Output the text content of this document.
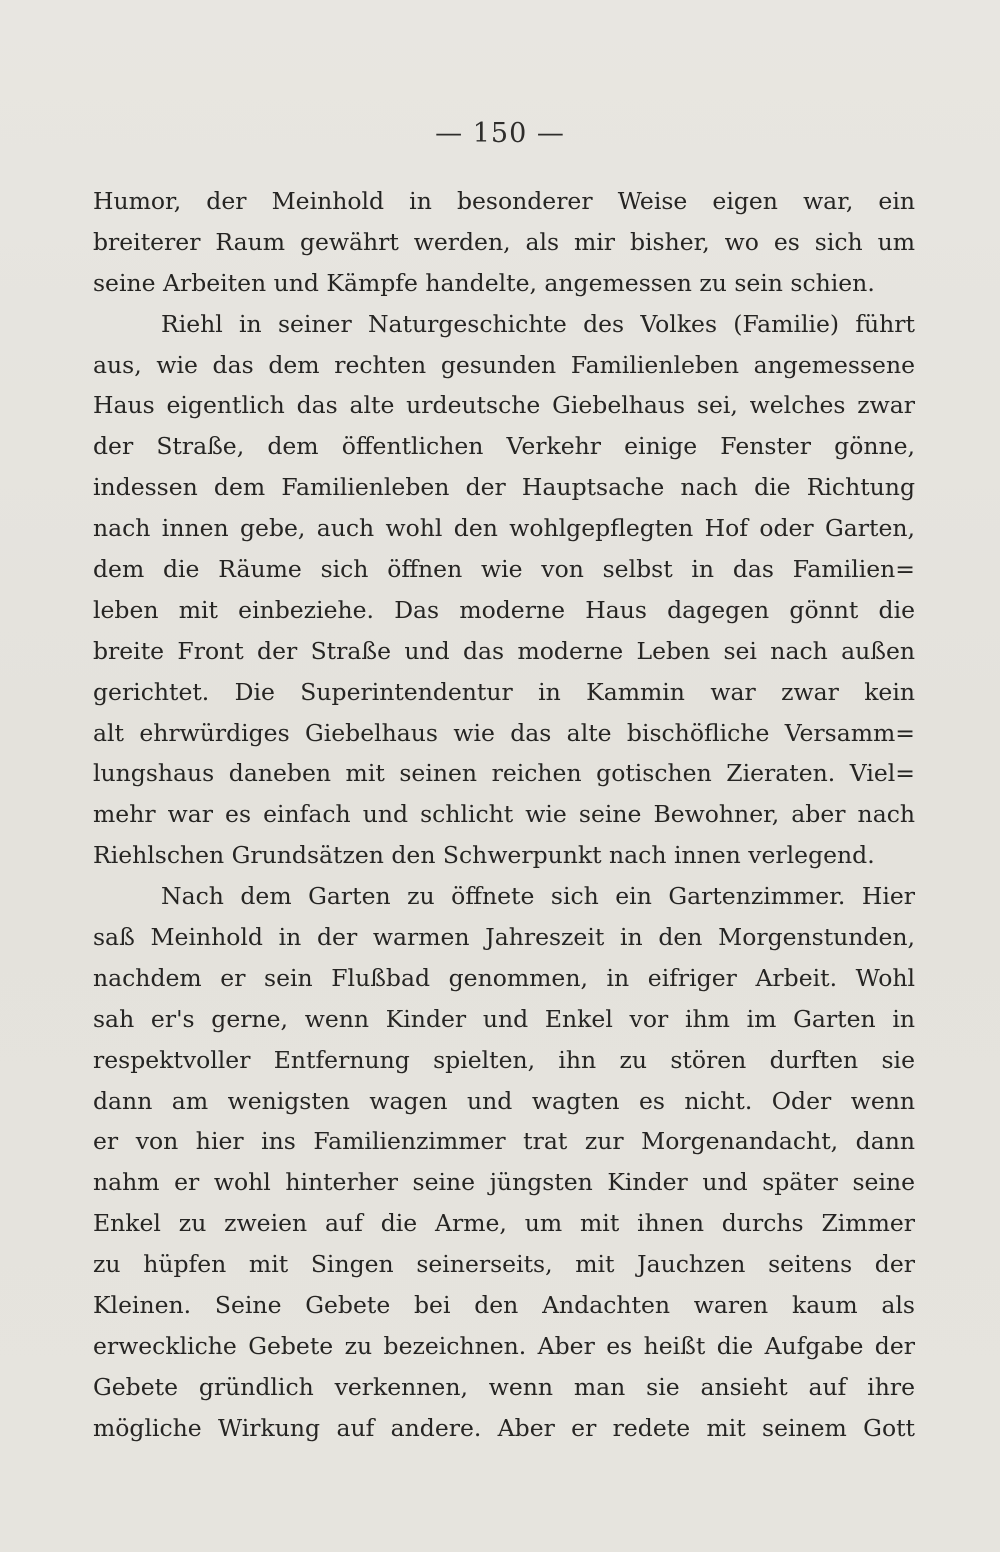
— 150 —
Humor, der Meinhold in besonderer Weise eigen war, ein
breiterer Raum gewährt werden, als mir bisher, wo es sich um
seine Arbeiten und Kämpfe handelte, angemessen zu sein schien.
Riehl in seiner Naturgeschichte des Volkes (Familie) führt
aus, wie das dem rechten gesunden Familienleben angemessene
Haus eigentlich das alte urdeutsche Giebelhaus sei, welches zwar
der Straße, dem öffentlichen Verkehr einige Fenster gönne,
indessen dem Familienleben der Hauptsache nach die Richtung
nach innen gebe, auch wohl den wohlgepflegten Hof oder Garten,
dem die Räume sich öffnen wie von selbst in das Familien=
leben mit einbeziehe. Das moderne Haus dagegen gönnt die
breite Front der Straße und das moderne Leben sei nach außen
gerichtet. Die Superintendentur in Kammin war zwar kein
alt ehrwürdiges Giebelhaus wie das alte bischöfliche Versamm=
lungshaus daneben mit seinen reichen gotischen Zieraten. Viel=
mehr war es einfach und schlicht wie seine Bewohner, aber nach
Riehlschen Grundsätzen den Schwerpunkt nach innen verlegend.
Nach dem Garten zu öffnete sich ein Gartenzimmer. Hier
saß Meinhold in der warmen Jahreszeit in den Morgenstunden,
nachdem er sein Flußbad genommen, in eifriger Arbeit. Wohl
sah er's gerne, wenn Kinder und Enkel vor ihm im Garten in
respektvoller Entfernung spielten, ihn zu stören durften sie
dann am wenigsten wagen und wagten es nicht. Oder wenn
er von hier ins Familienzimmer trat zur Morgenandacht, dann
nahm er wohl hinterher seine jüngsten Kinder und später seine
Enkel zu zweien auf die Arme, um mit ihnen durchs Zimmer
zu hüpfen mit Singen seinerseits, mit Jauchzen seitens der
Kleinen. Seine Gebete bei den Andachten waren kaum als
erweckliche Gebete zu bezeichnen. Aber es heißt die Aufgabe der
Gebete gründlich verkennen, wenn man sie ansieht auf ihre
mögliche Wirkung auf andere. Aber er redete mit seinem Gott
